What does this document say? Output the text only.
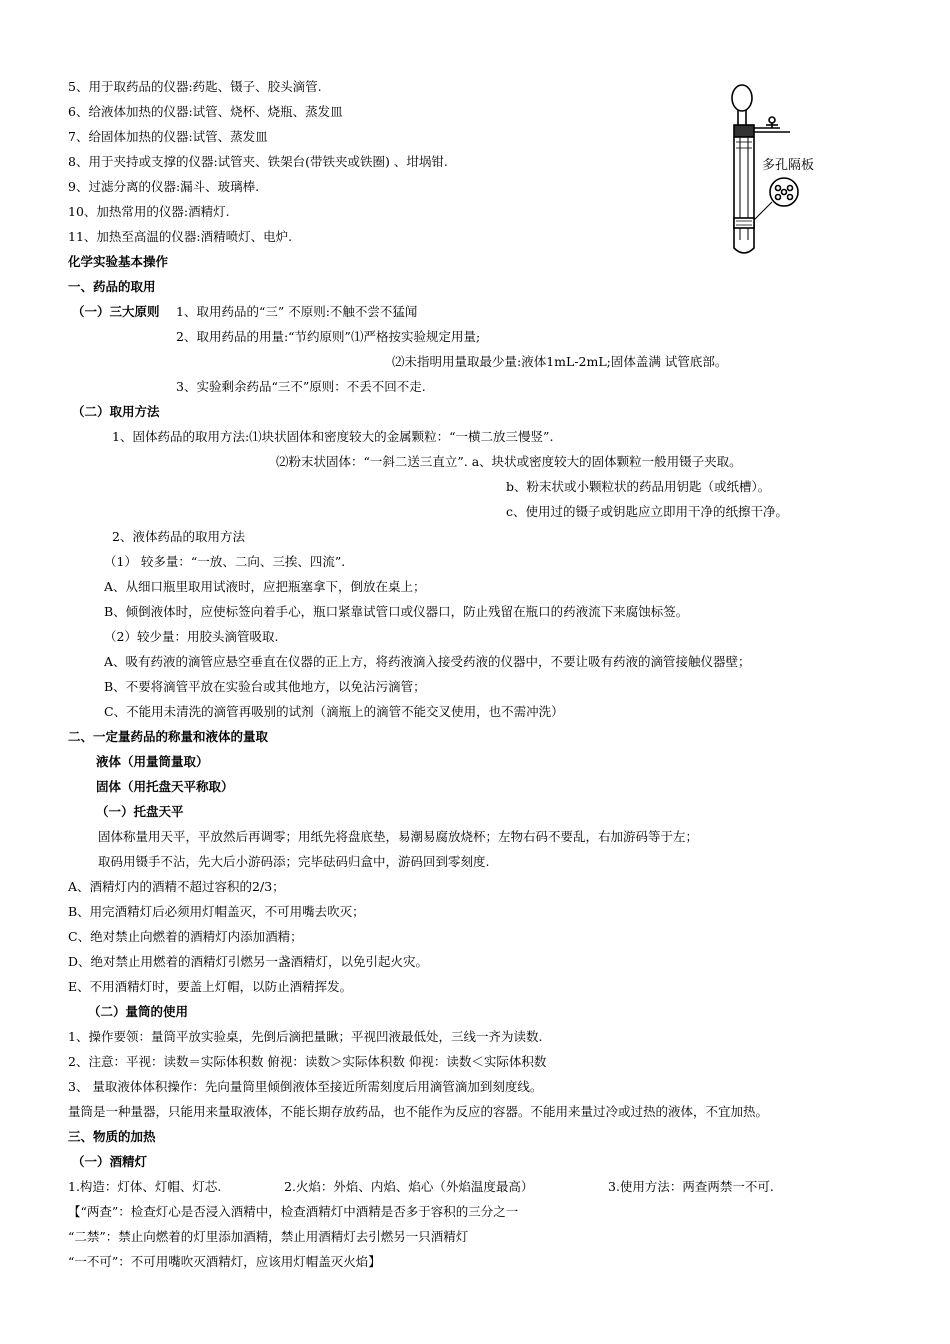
多孔隔板
5、用于取药品的仪器:药匙、镊子、胶头滴管.
6、给液体加热的仪器:试管、烧杯、烧瓶、蒸发皿
7、给固体加热的仪器:试管、蒸发皿
8、用于夹持或支撑的仪器:试管夹、铁架台(带铁夹或铁圈) 、坩埚钳.
9、过滤分离的仪器:漏斗、玻璃棒.
10、加热常用的仪器:酒精灯.
11、加热至高温的仪器:酒精喷灯、电炉.
化学实验基本操作
一、药品的取用
（一）三大原则 1、取用药品的“三” 不原则:不触不尝不猛闻
2、取用药品的用量:“节约原则”⑴严格按实验规定用量;
⑵未指明用量取最少量:液体1mL-2mL;固体盖满 试管底部。
3、实验剩余药品“三不”原则：不丢不回不走.
（二）取用方法
1、固体药品的取用方法:⑴块状固体和密度较大的金属颗粒：“一横二放三慢竖”.
⑵粉末状固体：“一斜二送三直立”. a、块状或密度较大的固体颗粒一般用镊子夹取。
b、粉末状或小颗粒状的药品用钥匙（或纸槽）。
c、使用过的镊子或钥匙应立即用干净的纸擦干净。
2、液体药品的取用方法
（1） 较多量：“一放、二向、三挨、四流”.
A、从细口瓶里取用试液时，应把瓶塞拿下，倒放在桌上；
B、倾倒液体时，应使标签向着手心，瓶口紧靠试管口或仪器口，防止残留在瓶口的药液流下来腐蚀标签。
（2）较少量：用胶头滴管吸取.
A、吸有药液的滴管应悬空垂直在仪器的正上方，将药液滴入接受药液的仪器中，不要让吸有药液的滴管接触仪器壁；
B、不要将滴管平放在实验台或其他地方，以免沾污滴管；
C、不能用未清洗的滴管再吸别的试剂（滴瓶上的滴管不能交叉使用，也不需冲洗）
二、一定量药品的称量和液体的量取
液体（用量筒量取）
固体（用托盘天平称取）
（一）托盘天平
固体称量用天平，平放然后再调零；用纸先将盘底垫，易潮易腐放烧杯；左物右码不要乱，右加游码等于左；
取码用镊手不沾，先大后小游码添；完毕砝码归盒中，游码回到零刻度.
A、酒精灯内的酒精不超过容积的2/3；
B、用完酒精灯后必须用灯帽盖灭，不可用嘴去吹灭；
C、绝对禁止向燃着的酒精灯内添加酒精；
D、绝对禁止用燃着的酒精灯引燃另一盏酒精灯，以免引起火灾。
E、不用酒精灯时，要盖上灯帽，以防止酒精挥发。
（二）量筒的使用
1、操作要领：量筒平放实验桌，先倒后滴把量瞅；平视凹液最低处，三线一齐为读数.
2、注意：平视：读数＝实际体积数 俯视：读数＞实际体积数 仰视：读数＜实际体积数
3、 量取液体体积操作：先向量筒里倾倒液体至接近所需刻度后用滴管滴加到刻度线。
量筒是一种量器，只能用来量取液体，不能长期存放药品，也不能作为反应的容器。不能用来量过冷或过热的液体，不宜加热。
三、物质的加热
（一）酒精灯
1.构造：灯体、灯帽、灯芯.	2.火焰：外焰、内焰、焰心（外焰温度最高）	3.使用方法：两查两禁一不可.
【“两查”：检查灯心是否浸入酒精中，检查酒精灯中酒精是否多于容积的三分之一
“二禁”：禁止向燃着的灯里添加酒精，禁止用酒精灯去引燃另一只酒精灯
“一不可”：不可用嘴吹灭酒精灯，应该用灯帽盖灭火焰】
